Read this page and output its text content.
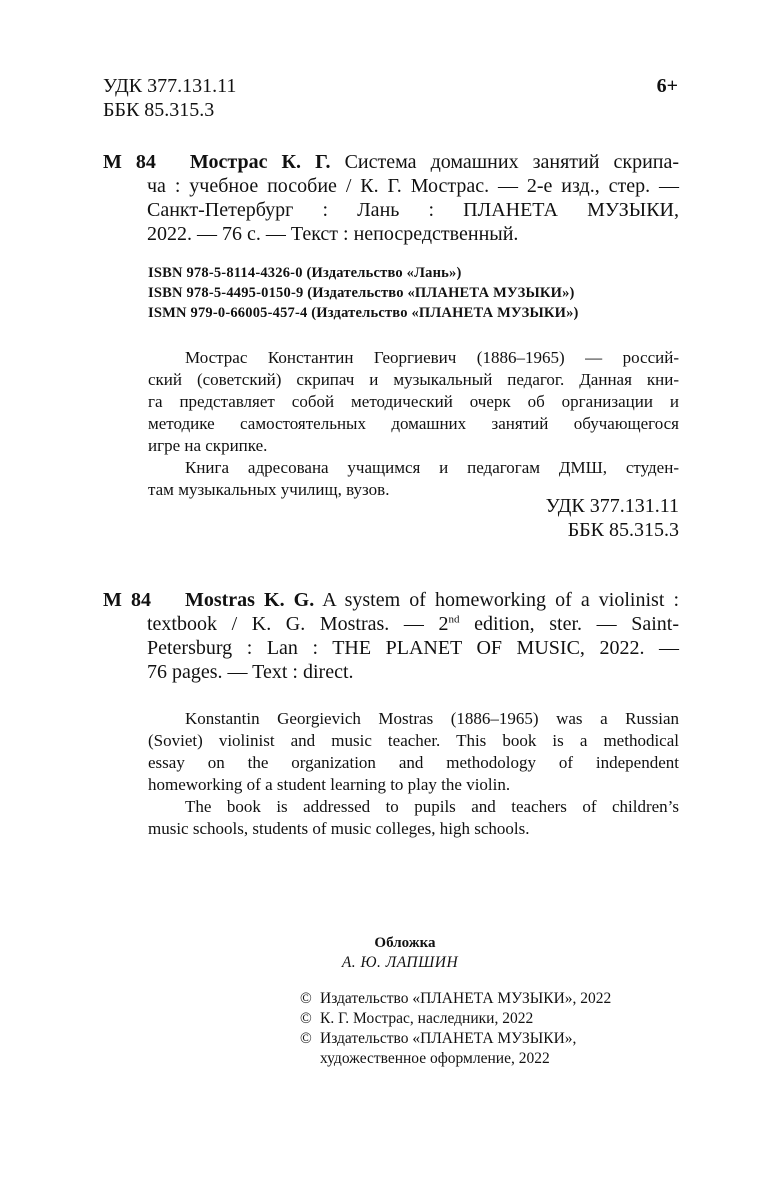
УДК 377.131.11
ББК 85.315.3
6+
М 84 Мострас К. Г. Система домашних занятий скрипа-
ча : учебное пособие / К. Г. Мострас. — 2-е изд., стер. —
Санкт-Петербург : Лань : ПЛАНЕТА МУЗЫКИ,
2022. — 76 с. — Текст : непосредственный.
ISBN 978-5-8114-4326-0 (Издательство «Лань»)
ISBN 978-5-4495-0150-9 (Издательство «ПЛАНЕТА МУЗЫКИ»)
ISMN 979-0-66005-457-4 (Издательство «ПЛАНЕТА МУЗЫКИ»)
Мострас Константин Георгиевич (1886–1965) — россий-
ский (советский) скрипач и музыкальный педагог. Данная кни-
га представляет собой методический очерк об организации и
методике самостоятельных домашних занятий обучающегося
игре на скрипке.
Книга адресована учащимся и педагогам ДМШ, студен-
там музыкальных училищ, вузов.
УДК 377.131.11
ББК 85.315.3
М 84 Mostras K. G. A system of homeworking of a violinist :
textbook / K. G. Mostras. — 2nd edition, ster. — Saint-
Petersburg : Lan : THE PLANET OF MUSIC, 2022. —
76 pages. — Text : direct.
Konstantin Georgievich Mostras (1886–1965) was a Russian
(Soviet) violinist and music teacher. This book is a methodical
essay on the organization and methodology of independent
homeworking of a student learning to play the violin.
The book is addressed to pupils and teachers of children’s
music schools, students of music colleges, high schools.
Обложка
А. Ю. ЛАПШИН
© Издательство «ПЛАНЕТА МУЗЫКИ», 2022
© К. Г. Мострас, наследники, 2022
© Издательство «ПЛАНЕТА МУЗЫКИ»,
художественное оформление, 2022
